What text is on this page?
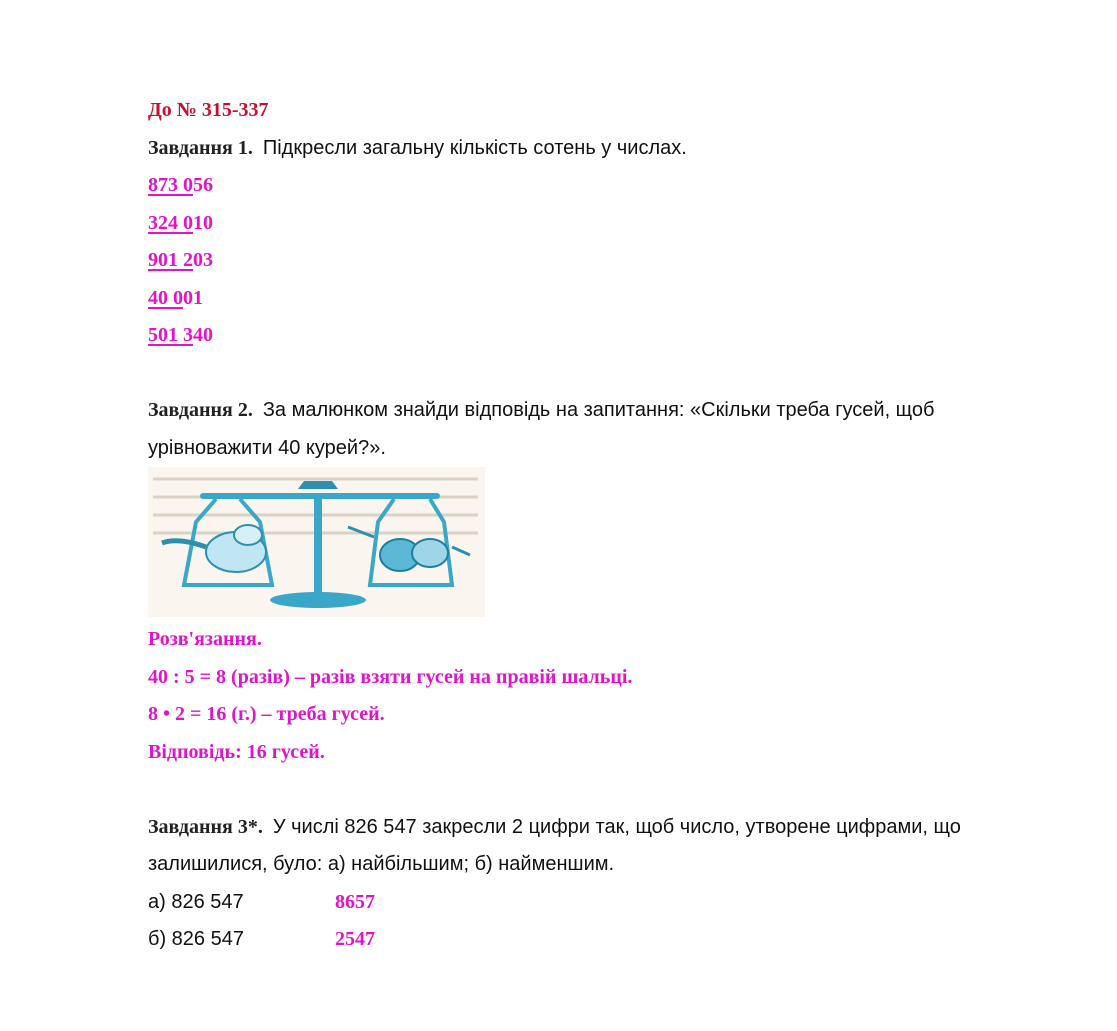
До № 315-337
Завдання 1. Підкресли загальну кількість сотень у числах.
873 056
324 010
901 203
40 001
501 340
Завдання 2. За малюнком знайди відповідь на запитання: «Скільки треба гусей, щоб
урівноважити 40 курей?».
Розв'язання.
40 : 5 = 8 (разів) – разів взяти гусей на правій шальці.
8 • 2 = 16 (г.) – треба гусей.
Відповідь: 16 гусей.
Завдання 3*. У числі 826 547 закресли 2 цифри так, щоб число, утворене цифрами, що
залишилися, було: а) найбільшим; б) найменшим.
а) 826 547	8657
б) 826 547	2547
